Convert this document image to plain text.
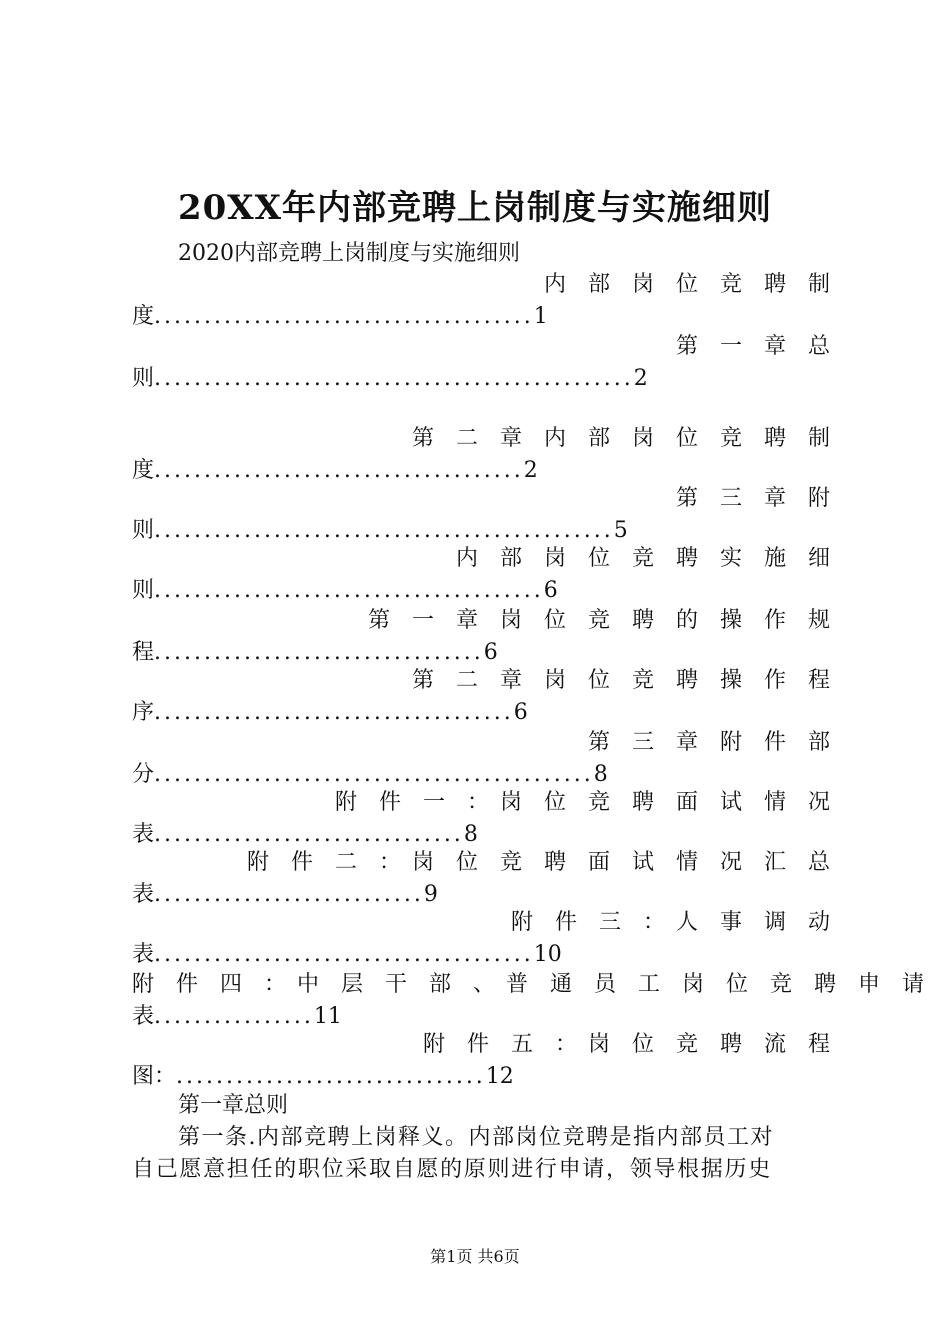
20XX年内部竞聘上岗制度与实施细则
2020内部竞聘上岗制度与实施细则
内　部　岗　位　竞　聘　制
度......................................1
第　一　章　总
则................................................2
第　二　章　内　部　岗　位　竞　聘　制
度.....................................2
第　三　章　附
则..............................................5
内　部　岗　位　竞　聘　实　施　细
则.......................................6
第　一　章　岗　位　竞　聘　的　操　作　规
程.................................6
第　二　章　岗　位　竞　聘　操　作　程
序....................................6
第　三　章　附　件　部
分............................................8
附　件　一　：　岗　位　竞　聘　面　试　情　况
表...............................8
附　件　二　：　岗　位　竞　聘　面　试　情　况　汇　总
表...........................9
附　件　三　：　人　事　调　动
表......................................10
附　件　四　：　中　层　干　部　、　普　通　员　工　岗　位　竞　聘　申　请
表................11
附　件　五　：　岗　位　竞　聘　流　程
图：...............................12
第一章总则
第一条.内部竞聘上岗释义。内部岗位竞聘是指内部员工对
自己愿意担任的职位采取自愿的原则进行申请，领导根据历史
第1页 共6页
